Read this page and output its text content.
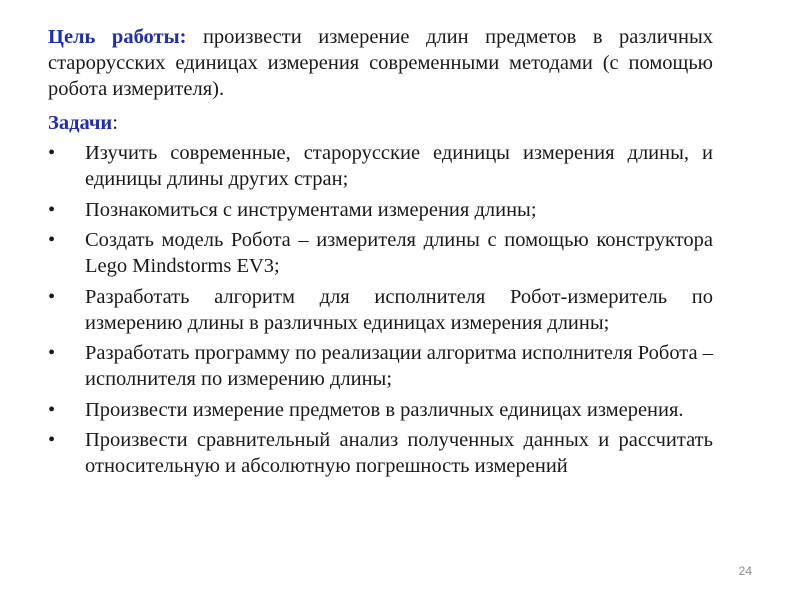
Цель работы: произвести измерение длин предметов в различных старорусских единицах измерения современными методами (с помощью робота измерителя).

Задачи:
• Изучить современные, старорусские единицы измерения длины, и единицы длины других стран;
• Познакомиться с инструментами измерения длины;
• Создать модель Робота – измерителя длины с помощью конструктора Lego Mindstorms EV3;
• Разработать алгоритм для исполнителя Робот-измеритель по измерению длины в различных единицах измерения длины;
• Разработать программу по реализации алгоритма исполнителя Робота –исполнителя по измерению длины;
• Произвести измерение предметов в различных единицах измерения.
• Произвести сравнительный анализ полученных данных и рассчитать относительную и абсолютную погрешность измерений
24
